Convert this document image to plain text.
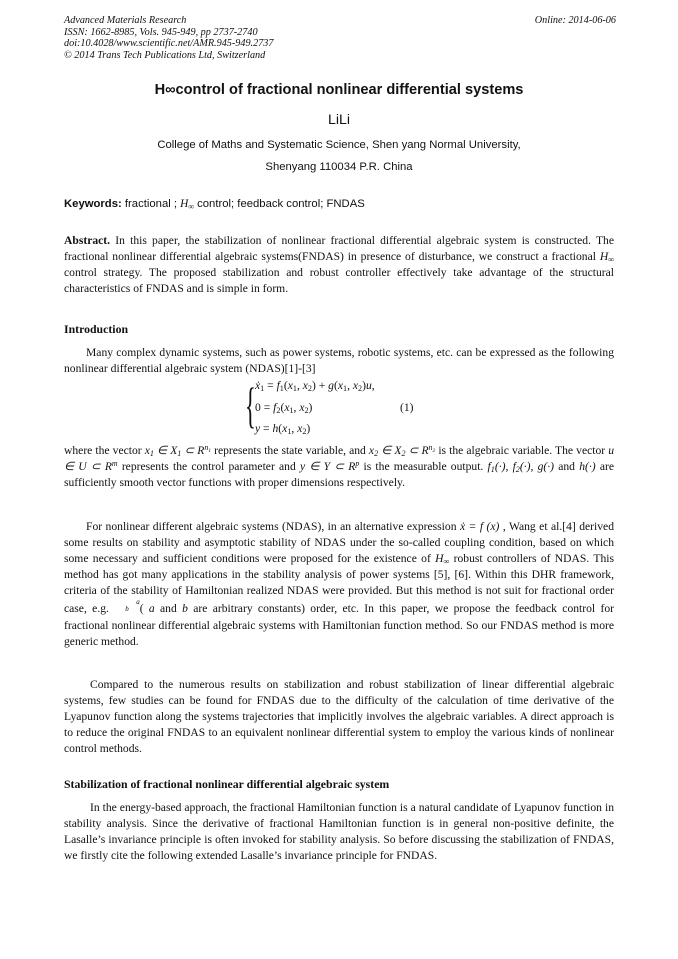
Advanced Materials Research
ISSN: 1662-8985, Vols. 945-949, pp 2737-2740
doi:10.4028/www.scientific.net/AMR.945-949.2737
© 2014 Trans Tech Publications Ltd, Switzerland
Online: 2014-06-06
H∞control of fractional nonlinear differential systems
LiLi
College of Maths and Systematic Science, Shen yang Normal University,
Shenyang 110034 P.R. China
Keywords: fractional ; $H_\infty$ control; feedback control; FNDAS

Abstract. In this paper, the stabilization of nonlinear fractional differential algebraic system is constructed. The fractional nonlinear differential algebraic systems(FNDAS) in presence of disturbance, we construct a fractional $H_\infty$ control strategy. The proposed stabilization and robust controller effectively take advantage of the structural characteristics of FNDAS and is simple in form.

Introduction

Many complex dynamic systems, such as power systems, robotic systems, etc. can be expressed as the following nonlinear differential algebraic system (NDAS)[1]-[3]

{ ẋ$_1$ = $f_1(x_1$, $x_2) + g(x_1$, $x_2)u$,
$0 = f_2(x_1$, $x_2$)
$y = h(x_1$, $x_2$)
(1)

where the vector $x_1$ ∈ $X_1$ ⊂ $R^{n_1}$ represents the state variable, and $x_2$ ∈ $X_2$ ⊂ $R^{n_2}$ is the algebraic variable. The vector u ∈ U ⊂ $R^m$ represents the control parameter and y ∈ Y ⊂ $R^p$ is the measurable output. $f_1(\cdot)$, $f_2(\cdot)$, g(·) and h(·) are sufficiently smooth vector functions with proper dimensions respectively.

For nonlinear different algebraic systems (NDAS), in an alternative expression ẋ = f (x) , Wang et al.[4] derived some results on stability and asymptotic stability of NDAS under the so-called coupling condition, based on which some necessary and sufficient conditions were proposed for the existence of $H_\infty$ robust controllers of NDAS. This method has got many applications in the stability analysis of power systems [5], [6]. Within this DHR framework, criteria of the stability of Hamiltonian realized NDAS were provided. But this method is not suit for fractional order case, e.g.	a
b ( a and b are arbitrary constants) order, etc. In this paper, we propose the feedback control for fractional nonlinear differential algebraic systems with Hamiltonian function method. So our FNDAS method is more generic method.

Compared to the numerous results on stabilization and robust stabilization of linear differential algebraic systems, few studies can be found for FNDAS due to the difficulty of the calculation of time derivative of the Lyapunov function along the systems trajectories that implicitly involves the algebraic variables. A direct approach is to reduce the original FNDAS to an equivalent nonlinear differential system to employ the various kinds of nonlinear control methods.

Stabilization of fractional nonlinear differential algebraic system

In the energy-based approach, the fractional Hamiltonian function is a natural candidate of Lyapunov function in stability analysis. Since the derivative of fractional Hamiltonian function is in general non-positive definite, the Lasalle’s invariance principle is often invoked for stability analysis. So before discussing the stabilization of FNDAS, we firstly cite the following extended Lasalle’s invariance principle for FNDAS.
